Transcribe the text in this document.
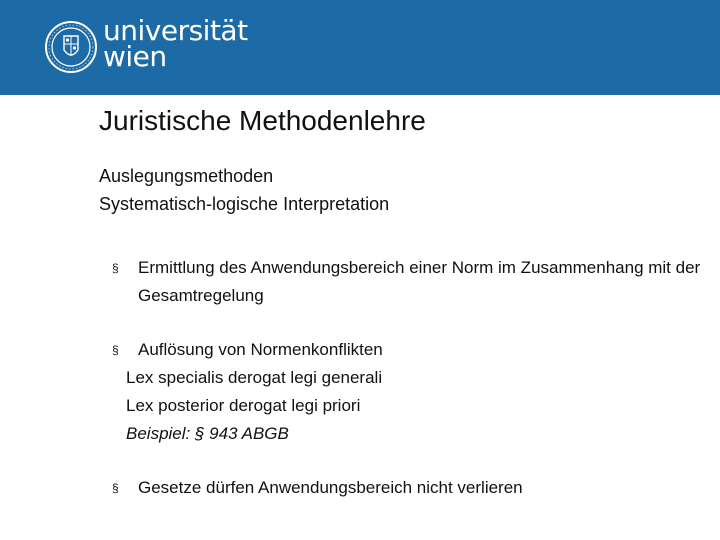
universität
wien
Juristische Methodenlehre
Auslegungsmethoden
Systematisch-logische Interpretation
§ Ermittlung des Anwendungsbereich einer Norm im Zusammenhang mit der Gesamtregelung
§ Auflösung von Normenkonflikten
Lex specialis derogat legi generali
Lex posterior derogat legi priori
Beispiel: § 943 ABGB
§ Gesetze dürfen Anwendungsbereich nicht verlieren
